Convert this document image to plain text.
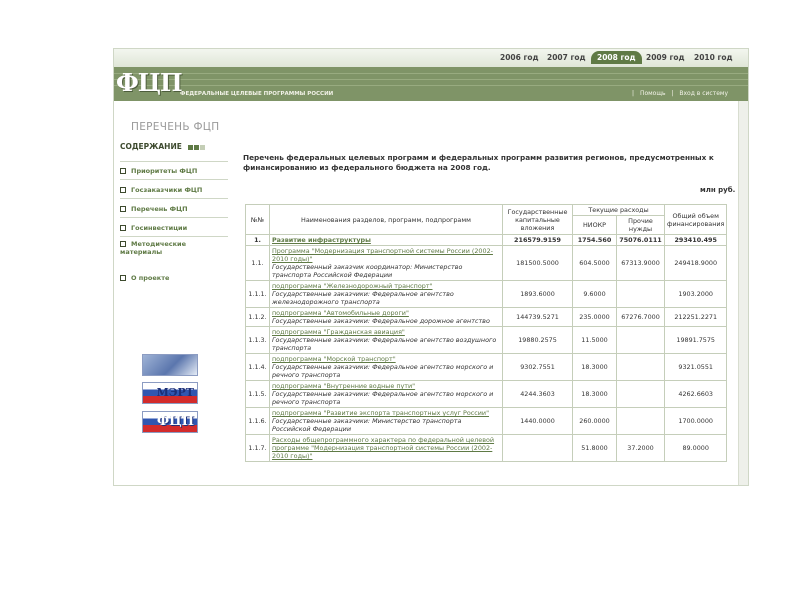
2006 год 2007 год	2008 год	2009 год 2010 год
ФЦП
ФЕДЕРАЛЬНЫЕ ЦЕЛЕВЫЕ ПРОГРАММЫ РОССИИ	| Помощь | Вход в систему
ПЕРЕЧЕНЬ ФЦП
СОДЕРЖАНИЕ
Приоритеты ФЦП
Госзаказчики ФЦП
Перечень ФЦП
Госинвестиции
Методические материалы
О проекте
МЭРТ
ФЦП
Перечень федеральных целевых программ и федеральных программ развития регионов, предусмотренных к финансированию из федерального бюджета на 2008 год.
млн руб.
№№	Наименования разделов, программ, подпрограмм	Государственные капитальные вложения	Текущие расходы		Общий объем финансирования
			НИОКР	Прочие нужды	
1.	Развитие инфраструктуры	216579.9159	1754.560	75076.0111	293410.495
1.1.	Программа "Модернизация транспортной системы России (2002-2010 годы)"
Государственный заказчик координатор: Министерство транспорта Российской Федерации	181500.5000	604.5000	67313.9000	249418.9000
1.1.1.	подпрограмма "Железнодорожный транспорт"
Государственные заказчики: Федеральное агентство железнодорожного транспорта	1893.6000	9.6000		1903.2000
1.1.2.	подпрограмма "Автомобильные дороги"
Государственные заказчики: Федеральное дорожное агентство	144739.5271	235.0000	67276.7000	212251.2271
1.1.3.	подпрограмма "Гражданская авиация"
Государственные заказчики: Федеральное агентство воздушного транспорта	19880.2575	11.5000		19891.7575
1.1.4.	подпрограмма "Морской транспорт"
Государственные заказчики: Федеральное агентство морского и речного транспорта	9302.7551	18.3000		9321.0551
1.1.5.	подпрограмма "Внутренние водные пути"
Государственные заказчики: Федеральное агентство морского и речного транспорта	4244.3603	18.3000		4262.6603
1.1.6.	подпрограмма "Развитие экспорта транспортных услуг России"
Государственные заказчики: Министерство транспорта Российской Федерации	1440.0000	260.0000		1700.0000
1.1.7.	Расходы общепрограммного характера по федеральной целевой программе "Модернизация транспортной системы России (2002-2010 годы)"		51.8000	37.2000	89.0000
